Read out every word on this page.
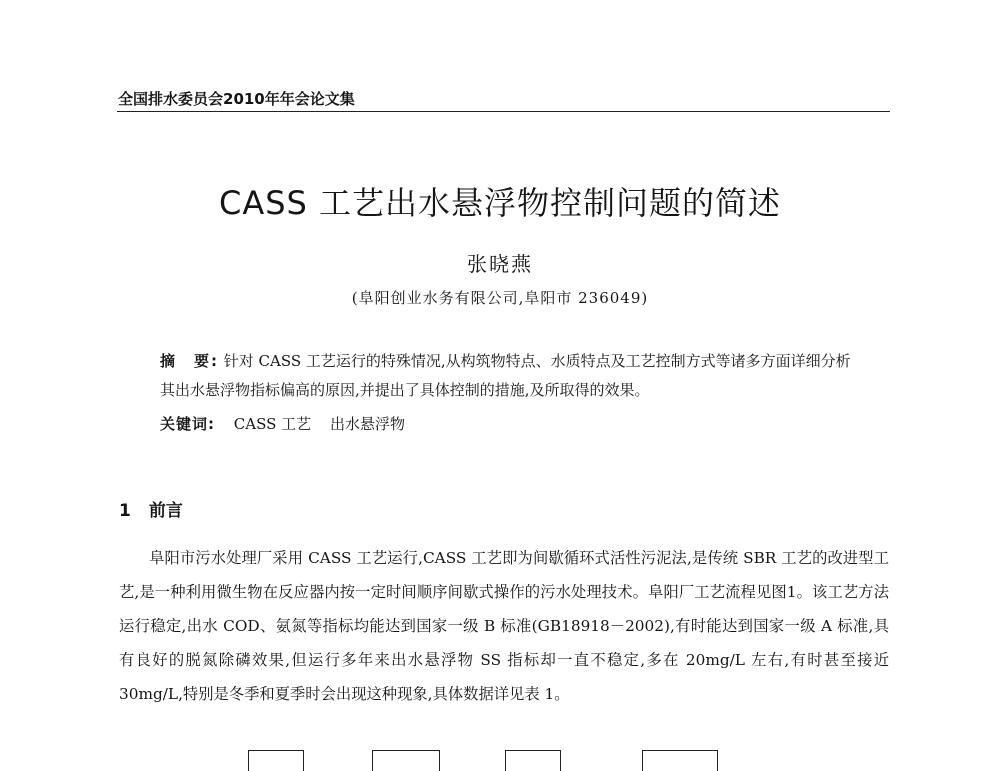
全国排水委员会2010年年会论文集
CASS 工艺出水悬浮物控制问题的简述
张晓燕
(阜阳创业水务有限公司,阜阳市 236049)
摘　要: 针对 CASS 工艺运行的特殊情况,从构筑物特点、水质特点及工艺控制方式等诸多方面详细分析其出水悬浮物指标偏高的原因,并提出了具体控制的措施,及所取得的效果。
关键词: CASS 工艺 出水悬浮物
1 前言
阜阳市污水处理厂采用 CASS 工艺运行,CASS 工艺即为间歇循环式活性污泥法,是传统 SBR 工艺的改进型工艺,是一种利用微生物在反应器内按一定时间顺序间歇式操作的污水处理技术。阜阳厂工艺流程见图1。该工艺方法运行稳定,出水 COD、氨氮等指标均能达到国家一级 B 标准(GB18918－2002),有时能达到国家一级 A 标准,具有良好的脱氮除磷效果,但运行多年来出水悬浮物 SS 指标却一直不稳定,多在 20mg/L 左右,有时甚至接近 30mg/L,特别是冬季和夏季时会出现这种现象,具体数据详见表 1。
